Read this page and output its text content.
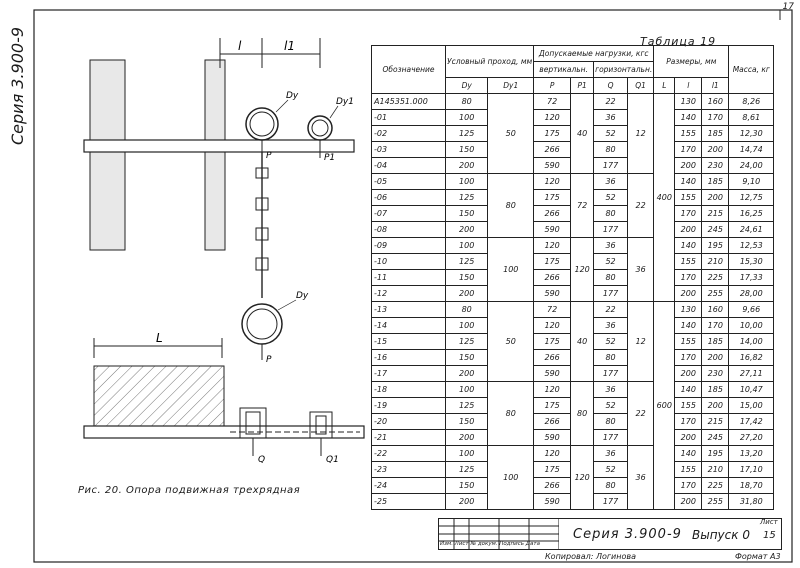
17
Серия 3.900-9	l	l1
Dу
Dу1
P	P1
Dу
P
L
Q	Q1
Рис. 20. Опора подвижная трехрядная
Таблица 19
Обозначение	Условный проход, мм		Допускаемые нагрузки, кгс				Размеры, мм			Масса, кг
			вертикальн.		горизонтальн.					
	Dу	Dу1	P	P1	Q	Q1	L	l	l1	
А145351.000	80	50	72	40	22	12	400	130	160	8,26
-01	100		120		36			140	170	8,61
-02	125		175		52			155	185	12,30
-03	150		266		80			170	200	14,74
-04	200		590		177			200	230	24,00
-05	100	80	120	72	36	22		140	185	9,10
-06	125		175		52			155	200	12,75
-07	150		266		80			170	215	16,25
-08	200		590		177			200	245	24,61
-09	100	100	120	120	36	36		140	195	12,53
-10	125		175		52			155	210	15,30
-11	150		266		80			170	225	17,33
-12	200		590		177			200	255	28,00
-13	80	50	72	40	22	12	600	130	160	9,66
-14	100		120		36			140	170	10,00
-15	125		175		52			155	185	14,00
-16	150		266		80			170	200	16,82
-17	200		590		177			200	230	27,11
-18	100	80	120	80	36	22		140	185	10,47
-19	125		175		52			155	200	15,00
-20	150		266		80			170	215	17,42
-21	200		590		177			200	245	27,20
-22	100	100	120	120	36	36		140	195	13,20
-23	125		175		52			155	210	17,10
-24	150		266		80			170	225	18,70
-25	200		590		177			200	255	31,80
Изм. Лист № докум. Подпись Дата
Серия 3.900-9 Выпуск 0
Лист
15
Копировал: Логинова	Формат А3
